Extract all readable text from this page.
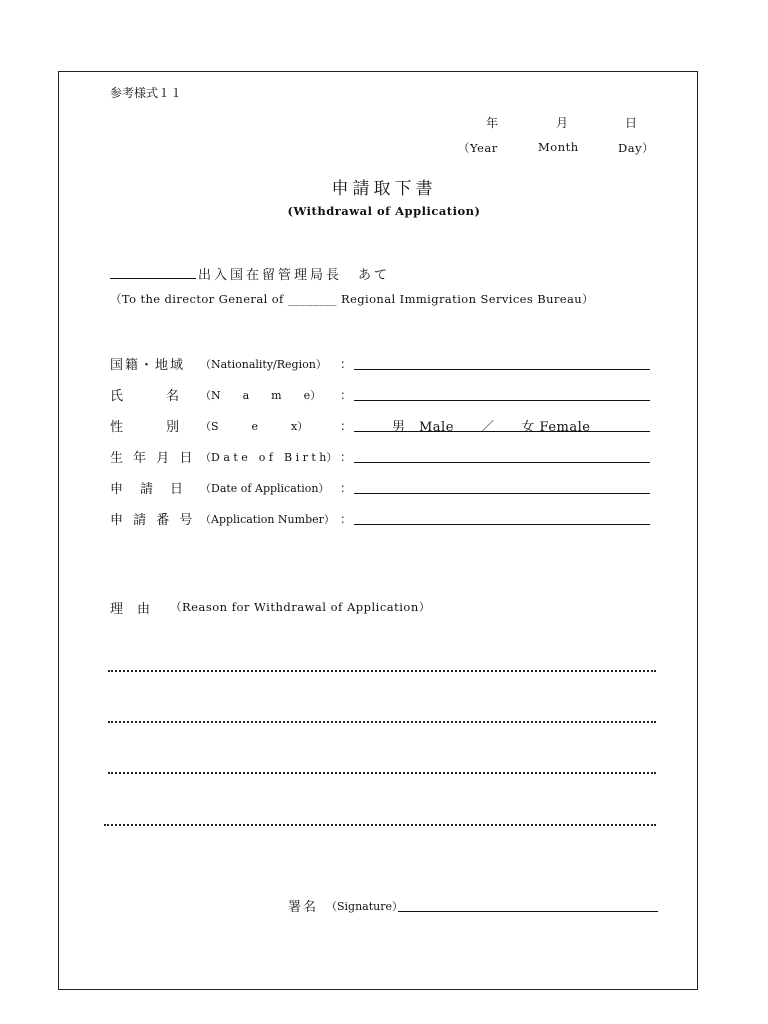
参考様式１１
年	月	日
（Year	Month	Day）
申請取下書
(Withdrawal of Application)
出入国在留管理局長　あて
（To the director General of ________ Regional Immigration Services Bureau）
国籍・地域 （Nationality/Region） ：
氏　　　名 （N　　a　　m　　e） ：
性　　　別 （S　　　e　　　x）	：	男　Male　　／　　女 Female
生 年 月 日 （D a t e　o f　B i r t h） ：
申　請　日 （Date of Application） ：
申 請 番 号 （Application Number） ：
理由 （Reason for Withdrawal of Application）
署名 （Signature）
